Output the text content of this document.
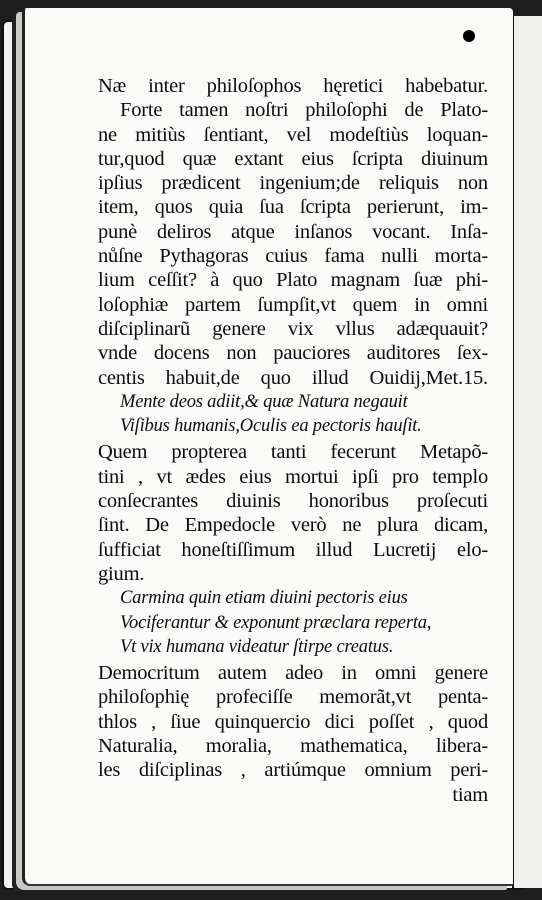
Næ inter philoſophos hęretici habebatur.
Forte tamen noſtri philoſophi de Plato-
ne mitiùs ſentiant, vel modeſtiùs loquan-
tur,quod quæ extant eius ſcripta diuinum
ipſius prædicent ingenium;de reliquis non
item, quos quia ſua ſcripta perierunt, im-
punè deliros atque inſanos vocant. Inſa-
nůſne Pythagoras cuius fama nulli morta-
lium ceſſit? à quo Plato magnam ſuæ phi-
loſophiæ partem ſumpſit,vt quem in omni
diſciplinarũ genere vix vllus adæquauit?
vnde docens non pauciores auditores ſex-
centis habuit,de quo illud Ouidij,Met.15.
Mente deos adiit,& quæ Natura negauit
Viſibus humanis,Oculis ea pectoris hauſit.
Quem propterea tanti fecerunt Metapõ-
tini , vt ædes eius mortui ipſi pro templo
conſecrantes diuinis honoribus proſecuti
ſint. De Empedocle verò ne plura dicam,
ſufficiat honeſtiſſimum illud Lucretij elo-
gium.
Carmina quin etiam diuini pectoris eius
Vociferantur & exponunt præclara reperta,
Vt vix humana videatur ſtirpe creatus.
Democritum autem adeo in omni genere
philoſophię profeciſſe memorãt,vt penta-
thlos , ſiue quinquercio dici poſſet , quod
Naturalia, moralia, mathematica, libera-
les diſciplinas , artiúmque omnium peri-
tiam
